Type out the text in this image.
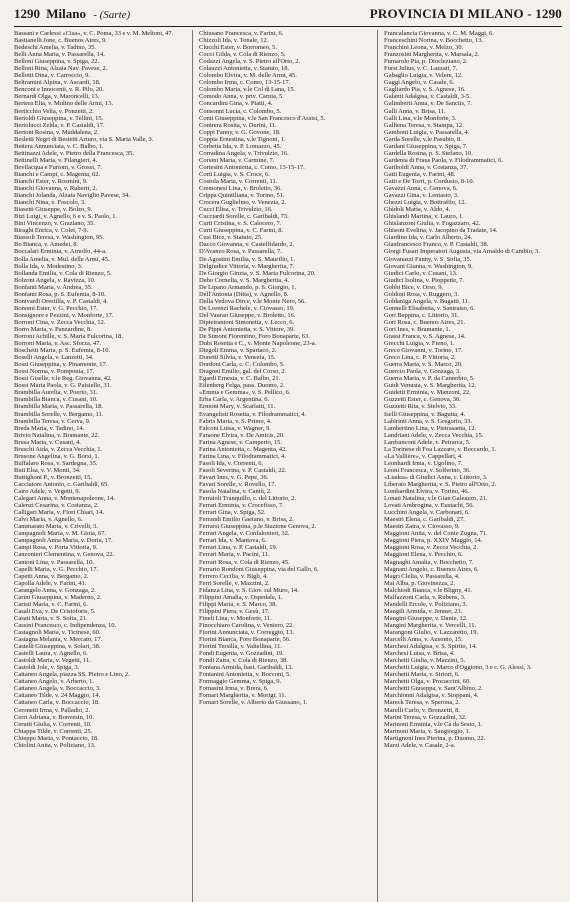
1290 Milano - (Sarte)	PROVINCIA DI MILANO - 1290
Bassani e Carlessi «Cisa», v. C. Poma, 33 e v. M. Meltoni, 47.
Bastianelli Jone, c. Buenos Aires, 9.
Bedeschi Amelia, v. Tadino, 35.
Belli Anna Maria, v. Passarella, 14.
Belloni Giuseppina, v. Spiga, 22.
Belloni Rina, Alzaia Nav. Pavese, 2.
Bellotti Dina, v. Carroccio, 9.
Beltramini Alpina, v. Ascardi, 18.
Benconi e Innocenti, v. R. Pilo, 20.
Bernardi Olga, v. Maroncelli, 13.
Bertera Elia, v. Mulino delle Armi, 13.
Berticchio Velia, v. Ponzetti, 2.
Bertoldi Giuseppina, v. Tellini, 15.
Bertolucci Zelda, v. P. Castaldi, 17.
Bertoni Rosina, v. Maddalena, 2.
Besletti Negri di Bestetti Arturo, via S. Maria Valle, 3.
Bettera Annunciata, v. C. Balbo, 1.
Bettinazzi Adele, v. Pietro della Francesca, 35.
Bettinelli Maria, v. Filangieri, 4.
Bevilacqua e Furioni, v. Grossi, 7.
Bianchi e Campi, c. Magenta, 62.
Bianchi Ester, v. Rosmini, 9.
Bianchi Giovanna, v. Ruberti, 2.
Bianchi Jolanda, Alzaia Naviglio Pavese, 34.
Bianchi Nina, v. Foscolo, 3.
Biasetti Giuseppe, v. Bolzo, 9.
Bizi Luigi, v. Agnello, 6 e v. S. Paolo, 1.
Bini Vincenzo, v. Graziano, 35.
Biraghi Enrica, v. Colei, 7-9.
Biassoli Teresa, v. Washington, 95.
Bo Bianca, v. Amedei, 8.
Boccalari Erminia, v. Arnolfo, 44-a.
Bolla Amelia, v. Mul. delle Armi, 45.
Bolla Ida, v. Modestino, 3.
Bollanda Emilia, v. Cola di Rienzo, 5.
Bolzoni Angela, v. Ravizza, 10.
Bonfanti Maria, v. Andrea, 35.
Bonfanti Rosa, p. S. Eufemia, 8-10.
Bonivardi Orestilla, v. P. Castaldi, 4.
Bonomi Ester, v. G. Pecchio, 17.
Bonsignore e Pezzini, v. Monforte, 17.
Borroni Cina, v. Zecca Vecchia, 12.
Borro Maria, v. Panzardine, 8.
Borroni Achille, v. S. Maria Fulcorina, 18.
Borroni Maria, v. Asc. Sforza, 47.
Boschetti Maria, p. S. Eufemia, 8-10.
Boselli Angela, v. Lanzetti, 34.
Bossi Giuseppina, v. Pinamonte, 17.
Bossi Norma, v. Pomponia, 17.
Bossi Giselle, v.le Reg. Giovanna, 42.
Bossi Maria Paola, v. G. Paisiello, 31.
Brambilla Aurelia, v. Poerio, 31.
Brambilla Bianca, v. Cusani, 10.
Brambilla Maria, v. Passarella, 18.
Brambilla Sorelle, v. Bergamo, 11.
Brambilla Teresa, v. Cerva, 9.
Breda Maria, v. Tadino, 14.
Brivio Natalina, v. Bramante, 22.
Brusa Maria, v. Cusani, 4.
Bruschi Aida, v. Zecca Vecchia, 1.
Brusone Angelina, v. G. Borsi, 1.
Buffalaro Rosa, v. Sardegna, 35.
Buti Elsa, v. V. Monti, 34.
Buttighoni P., v. Bronzetti, 15.
Cacciatore Antonio, c. Garibaldi, 65.
Cairo Adele, v. Vegetti, 9.
Calegari Anna, v. Montenapoleone, 14.
Calenzi Cesarina, v. Costanza, 2.
Calligari Maria, v. Fiori Chiari, 14.
Calvi Maria, v. Agnello, 6.
Cammarato Maria, v. Crivelli, 3.
Campagnoli Maria, v. M. Gioia, 67.
Campagnoli Anna Maria, v. Doria, 17.
Campi Rosa, v. Porta Vittoria, 9.
Canzonieri Clementina, v. Genova, 22.
Cantoni Lina, v. Passarella, 10.
Capelli Maria, v. G. Pecchio, 17.
Capetti Anna, v. Bergamo, 2.
Capolla Adele, v. Farini, 41.
Carangelo Anna, v. Gonzaga, 2.
Carini Giuseppina, v. Maderno, 2.
Caristi Maria, v. C. Farini, 6.
Casali Eva, v. De Cristoforis, 5.
Casati Maria, v. S. Sofia, 21.
Cassini Francesco, c. Indipendenza, 10.
Castagnoli Maria, v. Ticinese, 60.
Castagna Melania, v. Mercato, 17.
Castelli Giuseppina, v. Solari, 38.
Castelli Laura, v. Agnello, 6.
Castoldi Maria, v. Vegetti, 11.
Castoldi Jole, v. Spiga, 3.
Cattaneo Angela, piazza SS. Pietro e Lino, 2.
Cattaneo Angelo, v. Arberto, 1.
Cattaneo Angela, v. Boccaccio, 3.
Cattaneo Tilde, v. 24 Maggio, 14.
Cattaneo Carla, v. Boccaccio, 18.
Ceronetti Irma, v. Palladio, 2.
Cerri Adriana, v. Bonvesin, 10.
Cerutti Giulia, v. Correnti, 10.
Chiappa Tilde, v. Correnti, 25.
Chieppo Maria, v. Pontaccio, 18.
Chiolini Anita, v. Poliziano, 13.
Chiusano Francesca, v. Farini, 6.
Chizzoli Ida, v. Tonale, 12.
Clucchi Ester, v. Borromeo, 5.
Cocci Gilda, v. Cola di Rienzo, 5.
Codazzi Angela, v. S. Pietro all'Orto, 2.
Colauzzi Antonietta, v. Statuto, 18.
Colombo Elvira, v. M. delle Armi, 45.
Colombo Irma, c. Como, 13-15-17.
Colombo Maria, v.le Col di Lana, 15.
Comodo Anna, v. priv. Carnia, 5.
Concardini Gina, v. Piatti, 4.
Consonni Lucia, c. Colombo, 5.
Conti Giuseppina, v.le San Francesco d'Assisi, 5.
Contrera Rosita, v. Durini, 11.
Coppi Fanny, v. G. Govone, 18.
Coppia Ernestina, v.le Tignoni, 1.
Corbetta Ida, v. P. Lomazzo, 45.
Corradina Angela, v. Trivulzio, 16.
Corsini Maria, v. Carmine, 7.
Cortesini Antonietta, c. Como, 13-15-17.
Corti Luigia, v. S. Croce, 6.
Costola Maria, v. Correnti, 11.
Cremonesi Lina, v. Broletto, 36.
Crippa Quintiliana, v. Torino, 51.
Crocera Guglielmo, v. Venezia, 2.
Cucci Elisa, v. Trivulzio, 16.
Cucciardi Sorelle, c. Garibaldi, 73.
Curti Cristina, v. S. Calocero, 7.
Curti Giuseppina, v. C. Farini, 8.
Cusi Bice, v. Statuto, 25.
Dacco Giovanna, v. Castelfidardo, 2.
D'Avanzo Rosa, v. Passarella, 7.
De Agostini Emilia, v. S. Maurilio, 1.
Delgiudice Vittoria, v. Margherita, 7.
De Giorgio Ginzia, v. S. Maria Fulcorina, 20.
Deho Cornelia, v. S. Margherita, 4.
De Lipano Armando, p. S. Giorgio, 1.
Dell'Antonia (Ditta), v. Agnello, 8.
Della Vedova Dirce, v.le Monte Nero, 56.
De Lorenzi Rachele, v. Ciovasso, 19.
Del Vaurao Giuseppe, v. Broletto, 16.
Dipietrantoni Simonetta, v. Lecco, 6.
De Pippi Antonietta, v. S. Vittore, 39.
De Simoni Fiorentino, Foro Bonaparte, 63.
Dubi Rosetta e C., v. Monte Napoleone, 23-a.
Diegoli Emma, v. Spartaco, 2.
Donetti Silvia, v. Venezia, 15.
Dordoni Carla, c. C. Colombo, 5.
Dragoni Emilio, gal. del Corso, 2.
Egardi Ernesta, v. C. Balbo, 21.
Eilenberg Felga, pass. Duomo, 2.
«Emma e Gemma», v. S. Pellico, 6.
Erba Carla, v. Argentina, 6.
Ermoni Mary, v. Scarlatti, 11.
Evangelisti Rosetta, v. Filodrammatici, 4.
Fabris Maria, v. S. Primo, 4.
Falconi Luisa, v. Wagner, 9.
Faraone Elvira, v. De Amicis, 20.
Farina Agnese, v. Camperio, 15.
Farina Antonietta, c. Magenta, 42.
Farina Lina, v. Filodrammatici, 4.
Fasoli Ida, v. Correnti, 6.
Fasoli Severina, v. P. Castaldi, 22.
Favari Ines, v. G. Pepe, 36.
Favari Sorelle, v. Rovello, 17.
Fasola Natalina, v. Cantù, 2.
Ferraioli Tranquillo, c. del Littorio, 2.
Ferrari Erminia, v. Crocefisso, 7.
Ferrari Gina, v. Spiga, 52.
Ferrandi Emilio Gaetano, v. Brisa, 2.
Ferrarsi Giuseppina, p.le Stazione Genova, 2.
Ferrari Angela, v. Confalonieri, 32.
Ferrari Ida, v. Mantova, 6.
Ferrari Lina, v. P. Castaldi, 19.
Ferrari Maria, v. Pacini, 11.
Ferrari Rosa, v. Cola di Rienzo, 45.
Ferrario Rondoni Giuseppina, via del Gallo, 6.
Ferrero Cecilia, v. Bigli, 4.
Ferri Sorelle, v. Mazzini, 2.
Fidanza Lina, v. S. Giov. sul Muro, 14.
Filippini Amalia, v. Ospedale, 1.
Filippi Maria, v. S. Marco, 38.
Filippini Piera, v. Gesù, 17.
Fineli Lina, v. Monforte, 11.
Finocchiaro Carolina, v. Veniero, 22.
Fiorini Annunciata, v. Correggio, 13.
Fiorini Bianca, Foro Bonaparte, 56.
Fiorini Tersilla, v. Valtellina, 11.
Fondi Eugenia, v. Gozzadini, 19.
Fondi Zaira, v. Cola di Rienzo, 38.
Fontana Armida, bast. Garibaldi, 13.
Fontanini Antonietta, v. Bocconi, 5.
Formaggio Gemma, v. Spiga, 9.
Fornasini Irma, v. Brera, 6.
Fornari Margherita, v. Morigi, 11.
Fornari Sorelle, v. Alberto da Giussano, 1.
Francalancia Giovanna, v. C. M. Maggi, 6.
Franceschini Norina, v. Bocchetto, 13.
Franchini Leona, v. Melzo, 30.
Franzosini Margherita, v. Marsala, 2.
Fumarolo Pia, p. Diocleziano, 2.
Furst Julius, v. C. Lazzati, 7.
Gabaglio Luigia, v. Velere, 12.
Gaggi Angelo, v. Casale, 6.
Gagliardo Pia, v. S. Agnese, 16.
Galanti Adalgisa, v. Castaldi, 3-5.
Galimberti Anna, v. De Sanctis, 7.
Galli Anna, v. Brisa, 11.
Galli Lina, v.le Monforte, 3.
Galliena Teresa, v. Stampa, 12.
Gamboni Luigia, v. Passarella, 4.
Garda Sorelle, v.le Pasubio, 8.
Gardani Giuseppina, v. Spiga, 7.
Gardella Rosina, p. S. Stefano, 10.
Gardenia di Fraus Paola, v. Filodrammatici, 6.
Gariboldi Anna, v. Costanza, 37.
Gatti Eugenia, v. Farini, 48.
Gatti e De Torri, p. Cordusio, 8-10.
Gavazzi Anna, c. Genova, 6.
Gavazzi Gina, v. Lentasio, 3.
Ghezzi Luigia, v. Bottrafilo, 12.
Ghidoli Maria, v. Aldo, 4.
Ghislandi Martina, v. Lauro, 1.
Ghislanzoni Giulia, v. Fogazzaro, 42.
Ghisoni Evelina, v. Jacopino da Tradate, 14.
Giardino Ida, v. Carlo Alberto, 24.
Gianfrancesco Franco, v. P. Castaldi, 38.
Giorgi Fusari Imperatori Augusta, via Arnaldo di Cambio, 3.
Giovanazzi Fanny, v. S. Sofia, 35.
Giovani Gianna, v. Washington, 9.
Giudici Carlo, v. Cusani, 13.
Giudici Isolina, v. Pioppette, 7.
Gobbi Bice, v. Orso, 9.
Goldoni Rosa, v. Ruggero, 3.
Goldaniga Angela, v. Bugatti, 11.
Gonnelli Elisabetta, v. Santraiso, 6.
Gori Beppina, c. Littorio, 31.
Gori Rosa, c. Buenos Aires, 21.
Gori Ines, v. Bramante, 1.
Grassi Franca, v. S. Agnese, 14.
Grecchi Luigia, v. Fieno, 1.
Greco Giovanni, v. Torino, 17.
Greco Lina, c. P. Vittoria, 2.
Guerra Maria, v. S. Marco, 20.
Guercio Paola, v. Gonzaga, 3.
Guerra Maria, v. P. da Cannobio, 5.
Guidi Venusta, v. S. Margherita, 12.
Guidetti Erminia, v. Manzoni, 22.
Guzzetti Ester, c. Genova, 30.
Guzzetti Rita, v. Stelvio, 33.
Iselli Giuseppina, v. Bagutta, 4.
Labirinti Anna, v. S. Gregorio, 33.
Lambertino Lina, v. Pietrasanta, 12.
Landriani Adele, v. Zecca Vecchia, 15.
Lanfranconi Adele, v. Petrarca, 5.
La Torinese di Foa Lazzaro, v. Boccardo, 1.
«La Vallière», v. Cappellari, 4.
Leonhardt Irma, v. Ugolino, 7.
Leoni Francesca, v. Solferino, 36.
«Liadea» di Giudici Anna, c. Littorio, 3.
Liberato Margherita, v. S. Pietro all'Orto, 2.
Lombardini Elvira, v. Torino, 46.
Lonati Natalina, v.le Gian Galeazzo, 21.
Lovati Ambrogina, v. Eustachi, 56.
Lucchini Angela, v. Carbonari, 6.
Maestri Elena, c. Garibaldi, 27.
Maestri Zaira, v. Ciovasso, 9.
Maggioni Anita, v. del Conte Zugna, 71.
Maggioni Piera, p. XXIV Maggio, 14.
Maggioni Rosa, v. Zecca Vecchia, 2.
Maggioni Elena, v. Pecchio, 6.
Magnaghi Amalia, v. Bocchetto, 7.
Magnani Angelo, c. Buenos Aires, 6.
Magri Clelia, v. Passarella, 4.
Mai Alba, p. Giovinezza, 2.
Malchiodi Bianca, v.le Bligny, 41.
Malfazzoni Carla, v. Rubens, 3.
Mandelli Ercole, v. Poliziano, 3.
Mangili Armida, v. Jenner, 23.
Mangini Giuseppe, v. Dante, 12.
Mangini Margherita, v. Vercelli, 11.
Marangoni Giulio, v. Lazzaretto, 19.
Marcelli Anna, v. Ausonio, 15.
Marchesi Adalgisa, v. S. Spirito, 14.
Marchesi Luisa, v. Brisa, 4.
Marchetti Giulia, v. Mazzini, 5.
Marchetti Luigia, v. Marco d'Oggiono, 3 e c. G. Alessi, 3.
Marchetti Maria, v. Siriori, 6.
Marchetti Olga, v. Procaccini, 60.
Marchetti Giuseppa, v. Sant'Albino, 2.
Marchionni Adalgisa, v. Stoppani, 4.
Mareck Teresa, v. Sperona, 2.
Marelli Carlo, v. Bronzetti, 8.
Marini Teresa, v. Gozzadini, 32.
Marinoni Erminia, v.le Cà da Sesto, 1.
Marinoni Maria, v. Sangiorgio, 1.
Martignoni Ines Pierina, p. Duomo, 22.
Marzi Adele, v. Casale, 2-a.
